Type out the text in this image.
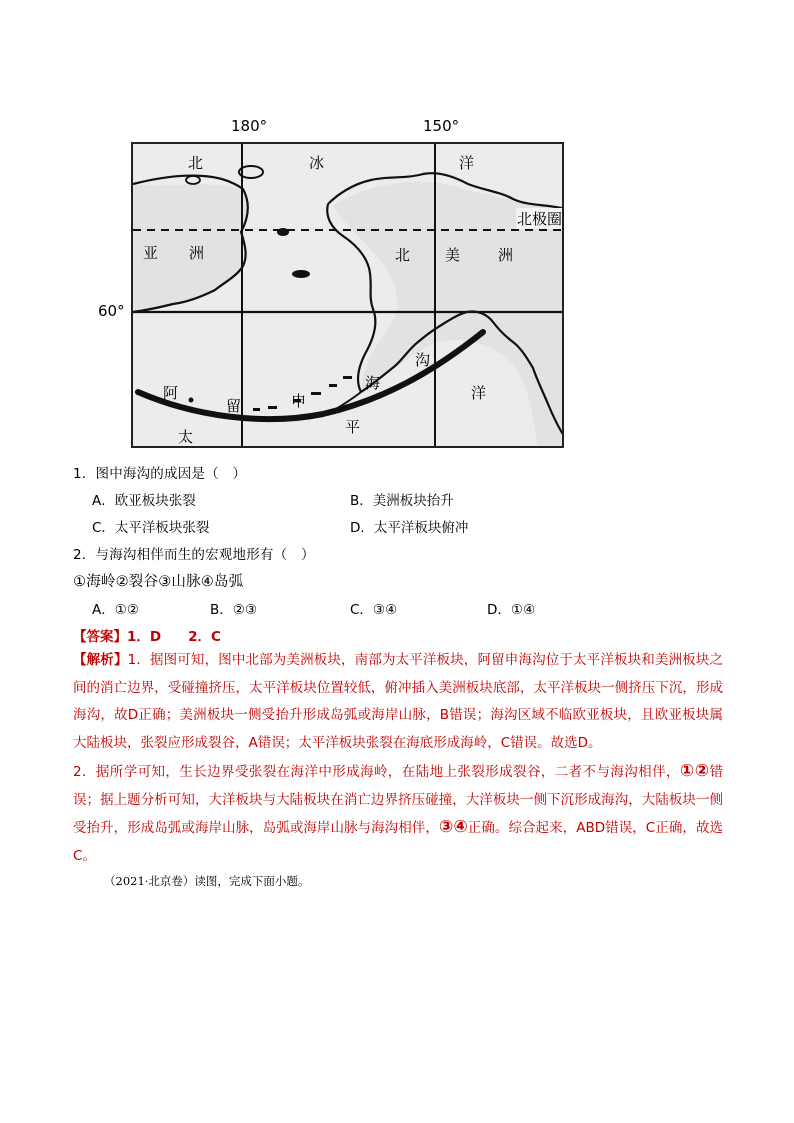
180°	150°
60°
北	冰	洋
北极圈
亚 洲	北 美	洲
沟
海
洋
阿	申
留
太
平
1．图中海沟的成因是（　）
A．欧亚板块张裂	B．美洲板块抬升
C．太平洋板块张裂	D．太平洋板块俯冲
2．与海沟相伴而生的宏观地形有（　）
①海岭②裂谷③山脉④岛弧
A．①②	B．②③	C．③④	D．①④
【答案】1．D　　2．C
【解析】1．据图可知，图中北部为美洲板块，南部为太平洋板块，阿留申海沟位于太平洋板块和美洲板块之间的消亡边界，受碰撞挤压，太平洋板块位置较低，俯冲插入美洲板块底部，太平洋板块一侧挤压下沉，形成海沟，故D正确；美洲板块一侧受抬升形成岛弧或海岸山脉，B错误；海沟区域不临欧亚板块，且欧亚板块属大陆板块，张裂应形成裂谷，A错误；太平洋板块张裂在海底形成海岭，C错误。故选D。
2．据所学可知，生长边界受张裂在海洋中形成海岭，在陆地上张裂形成裂谷，二者不与海沟相伴，①②错误；据上题分析可知，大洋板块与大陆板块在消亡边界挤压碰撞，大洋板块一侧下沉形成海沟，大陆板块一侧受抬升，形成岛弧或海岸山脉，岛弧或海岸山脉与海沟相伴，③④正确。综合起来，ABD错误，C正确，故选C。
（2021·北京卷）读图，完成下面小题。
